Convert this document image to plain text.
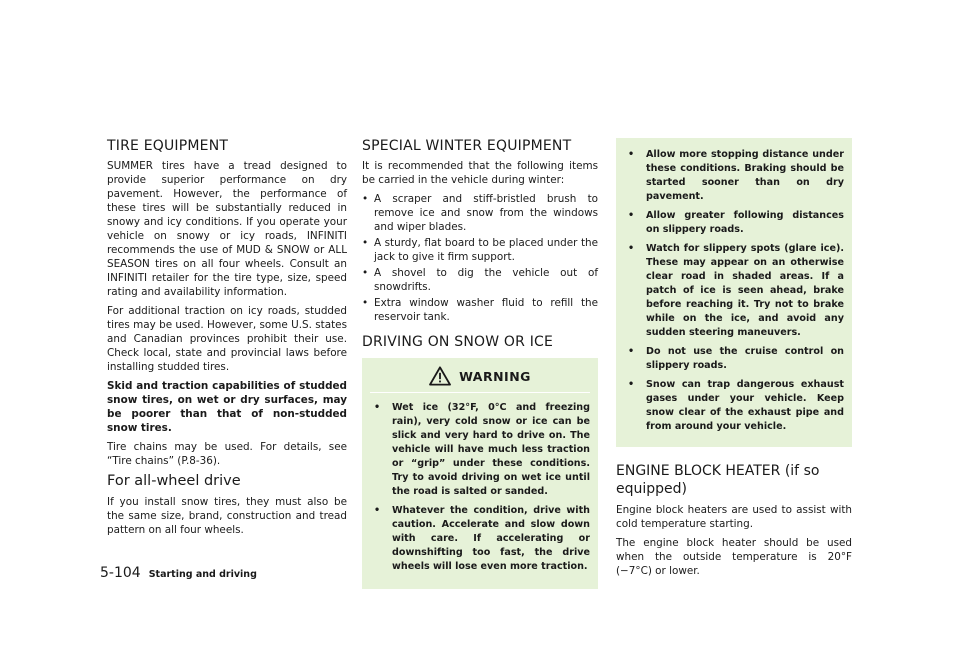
TIRE EQUIPMENT

SUMMER tires have a tread designed to provide superior performance on dry pavement. However, the performance of these tires will be substantially reduced in snowy and icy conditions. If you operate your vehicle on snowy or icy roads, INFINITI recommends the use of MUD & SNOW or ALL SEASON tires on all four wheels. Consult an INFINITI retailer for the tire type, size, speed rating and availability information.

For additional traction on icy roads, studded tires may be used. However, some U.S. states and Canadian provinces prohibit their use. Check local, state and provincial laws before installing studded tires.

Skid and traction capabilities of studded snow tires, on wet or dry surfaces, may be poorer than that of non-studded snow tires.

Tire chains may be used. For details, see “Tire chains” (P.8-36).

For all-wheel drive

If you install snow tires, they must also be the same size, brand, construction and tread pattern on all four wheels.

SPECIAL WINTER EQUIPMENT

It is recommended that the following items be carried in the vehicle during winter:

• A scraper and stiff-bristled brush to remove ice and snow from the windows and wiper blades.
• A sturdy, flat board to be placed under the jack to give it firm support.
• A shovel to dig the vehicle out of snowdrifts.
• Extra window washer fluid to refill the reservoir tank.
DRIVING ON SNOW OR ICE
WARNING
• Wet ice (32°F, 0°C and freezing rain), very cold snow or ice can be slick and very hard to drive on. The vehicle will have much less traction or “grip” under these conditions. Try to avoid driving on wet ice until the road is salted or sanded.
• Whatever the condition, drive with caution. Accelerate and slow down with care. If accelerating or downshifting too fast, the drive wheels will lose even more traction.
• Allow more stopping distance under these conditions. Braking should be started sooner than on dry pavement.
• Allow greater following distances on slippery roads.
• Watch for slippery spots (glare ice). These may appear on an otherwise clear road in shaded areas. If a patch of ice is seen ahead, brake before reaching it. Try not to brake while on the ice, and avoid any sudden steering maneuvers.
• Do not use the cruise control on slippery roads.
• Snow can trap dangerous exhaust gases under your vehicle. Keep snow clear of the exhaust pipe and from around your vehicle.
ENGINE BLOCK HEATER (if so equipped)

Engine block heaters are used to assist with cold temperature starting.

The engine block heater should be used when the outside temperature is 20°F (−7°C) or lower.

5-104 Starting and driving
